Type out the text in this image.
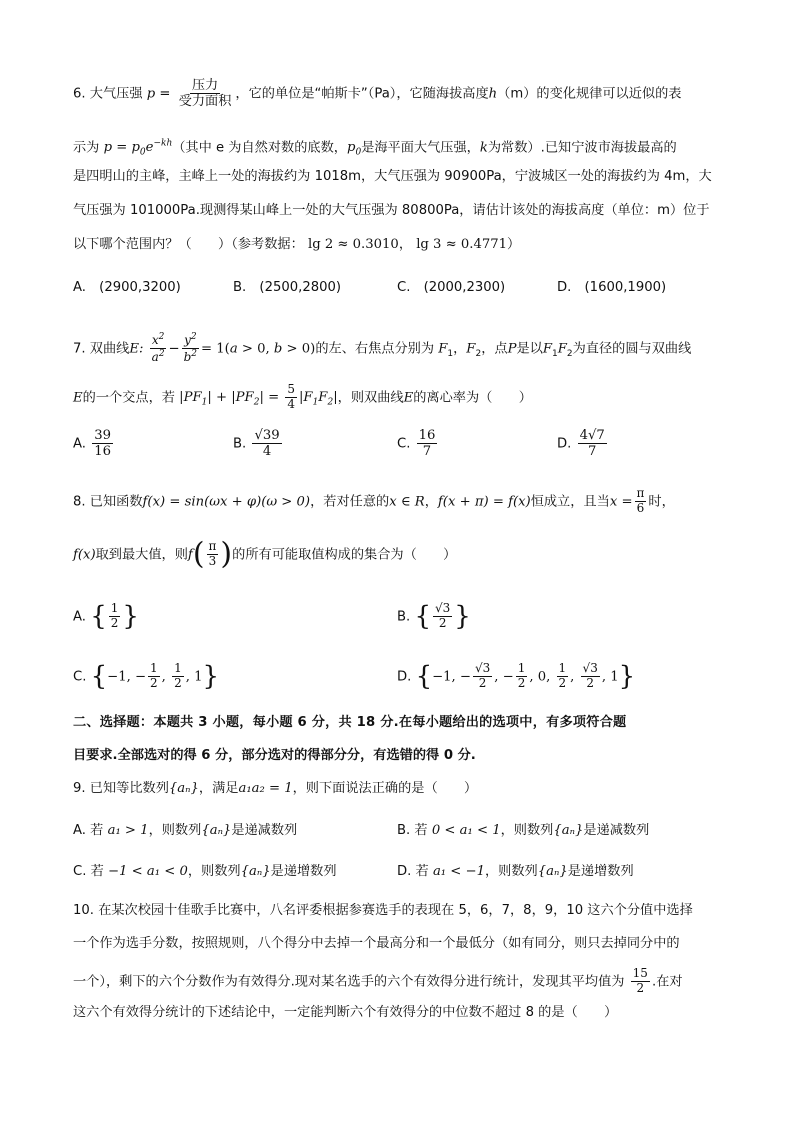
6. 大气压强 $p = \frac{\text{压力}}{\text{受力面积}}$ ，它的单位是“帕斯卡”（Pa），它随海拔高度h（m）的变化规律可以近似的表
示为 $p = p_0e^{-kh}$（其中 e 为自然对数的底数，$p_0$是海平面大气压强，k为常数）.已知宁波市海拔最高的
是四明山的主峰，主峰上一处的海拔约为 1018m，大气压强为 90900Pa，宁波城区一处的海拔约为 4m，大
气压强为 101000Pa.现测得某山峰上一处的大气压强为 80800Pa，请估计该处的海拔高度（单位：m）位于
以下哪个范围内？（　　）（参考数据： lg 2 ≈ 0.3010， lg 3 ≈ 0.4771）
A.　(2900,3200)	B.　(2500,2800)	C.　(2000,2300)	D.　(1600,1900)
7. 双曲线E: $\frac{x^2}{a^2} - \frac{y^2}{b^2} = 1(a > 0$, b > 0)的左、右焦点分别为 $F_1$，$F_2$，点P是以$F_1F_2$为直径的圆与双曲线
E的一个交点，若 $|PF_1| + |PF_2| = \frac{5}{4} |F_1F_2|$，则双曲线E的离心率为（　　）
A. $\frac{39}{16}$	B. $\frac{√39}{4}$	C. $\frac{16}{7}$	D. $\frac{4√7}{7}$
8. 已知函数f(x) = sin(ωx + φ)(ω > 0)，若对任意的x ∈ R，f(x + π) = f(x)恒成立，且当$x = \frac{\pi}{6}$ 时，
f(x)取到最大值，则$f( \frac{\pi}{3}$ )的所有可能取值构成的集合为（　　）
A. { $\frac{1}{2}$ }	B. { $\frac{√3}{2}$ }
C. {−1, − $\frac{1}{2}$ , $\frac{1}{2}$ , 1}	D. {−1, − $\frac{√3}{2}$ , − $\frac{1}{2}$ , 0, $\frac{1}{2}$ , $\frac{√3}{2}$ , 1}
二、选择题：本题共 3 小题，每小题 6 分，共 18 分.在每小题给出的选项中，有多项符合题
目要求.全部选对的得 6 分，部分选对的得部分分，有选错的得 0 分.
9. 已知等比数列{aₙ}，满足a₁a₂ = 1，则下面说法正确的是（　　）
A. 若 a₁ > 1，则数列{aₙ}是递减数列	B. 若 0 < a₁ < 1，则数列{aₙ}是递减数列
C. 若 −1 < a₁ < 0，则数列{aₙ}是递增数列	D. 若 a₁ < −1，则数列{aₙ}是递增数列
10. 在某次校园十佳歌手比赛中，八名评委根据参赛选手的表现在 5，6，7，8，9，10 这六个分值中选择
一个作为选手分数，按照规则，八个得分中去掉一个最高分和一个最低分（如有同分，则只去掉同分中的
一个），剩下的六个分数作为有效得分.现对某名选手的六个有效得分进行统计，发现其平均值为 $\frac{15}{2}$ .在对
这六个有效得分统计的下述结论中，一定能判断六个有效得分的中位数不超过 8 的是（　　）
